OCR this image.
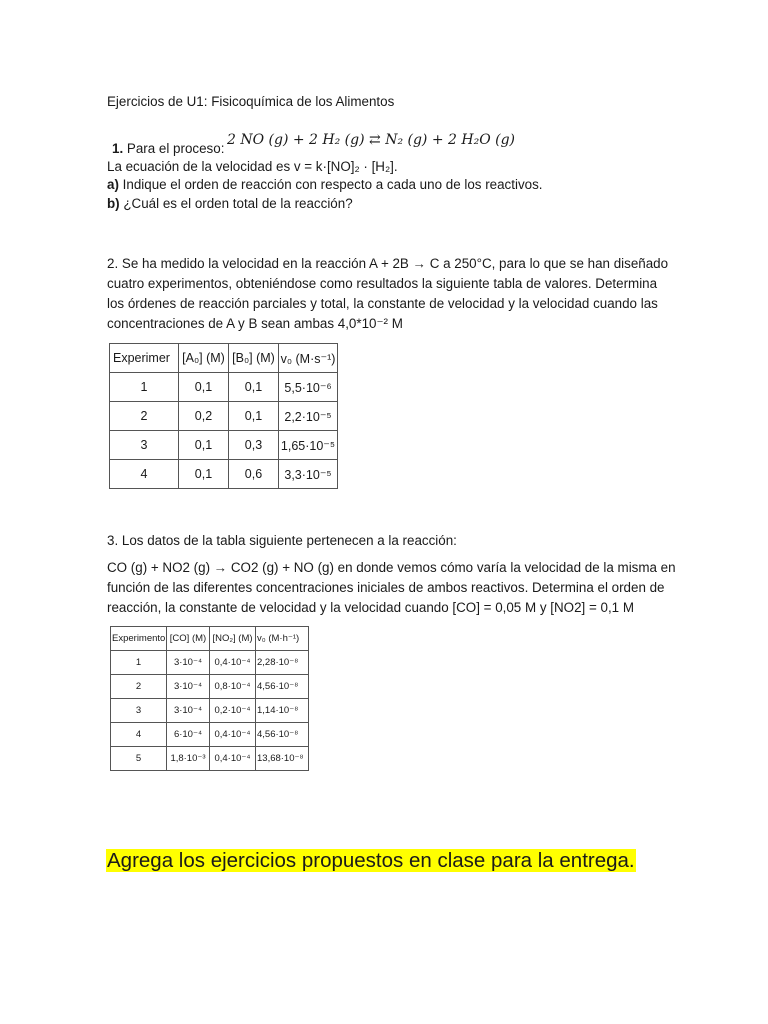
Ejercicios de U1: Fisicoquímica de los Alimentos
1. Para el proceso:
2 NO (g) + 2 H₂ (g) ⇄ N₂ (g) + 2 H₂O (g)
La ecuación de la velocidad es v = k·[NO]₂ · [H₂].
a) Indique el orden de reacción con respecto a cada uno de los reactivos.
b) ¿Cuál es el orden total de la reacción?
2. Se ha medido la velocidad en la reacción A + 2B → C a 250°C, para lo que se han diseñado
cuatro experimentos, obteniéndose como resultados la siguiente tabla de valores. Determina
los órdenes de reacción parciales y total, la constante de velocidad y la velocidad cuando las
concentraciones de A y B sean ambas 4,0*10⁻² M
Experimer	[A₀] (M)	[B₀] (M)	v₀ (M·s⁻¹)
1	0,1	0,1	5,5·10⁻⁶
2	0,2	0,1	2,2·10⁻⁵
3	0,1	0,3	1,65·10⁻⁵
4	0,1	0,6	3,3·10⁻⁵
3. Los datos de la tabla siguiente pertenecen a la reacción:
CO (g) + NO2 (g) → CO2 (g) + NO (g) en donde vemos cómo varía la velocidad de la misma en
función de las diferentes concentraciones iniciales de ambos reactivos. Determina el orden de
reacción, la constante de velocidad y la velocidad cuando [CO] = 0,05 M y [NO2] = 0,1 M
Experimento	[CO] (M)	[NO₂] (M)	v₀ (M·h⁻¹)
1	3·10⁻⁴	0,4·10⁻⁴	2,28·10⁻⁸
2	3·10⁻⁴	0,8·10⁻⁴	4,56·10⁻⁸
3	3·10⁻⁴	0,2·10⁻⁴	1,14·10⁻⁸
4	6·10⁻⁴	0,4·10⁻⁴	4,56·10⁻⁸
5	1,8·10⁻³	0,4·10⁻⁴	13,68·10⁻⁸
Agrega los ejercicios propuestos en clase para la entrega.
